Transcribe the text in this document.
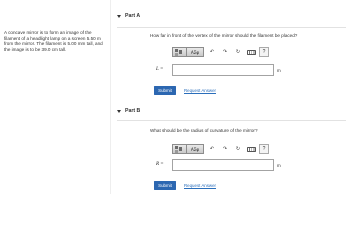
A concave mirror is to form an image of the filament of a headlight lamp on a screen 5.50 m from the mirror. The filament is 5.00 mm tall, and the image is to be 39.0 cm tall.
Part A
How far in front of the vertex of the mirror should the filament be placed?
ΑΣφ	↶	↷	↻	?
L =	m
Submit	Request Answer
Part B
What should be the radius of curvature of the mirror?
ΑΣφ	↶	↷	↻	?
R =	m
Submit	Request Answer
